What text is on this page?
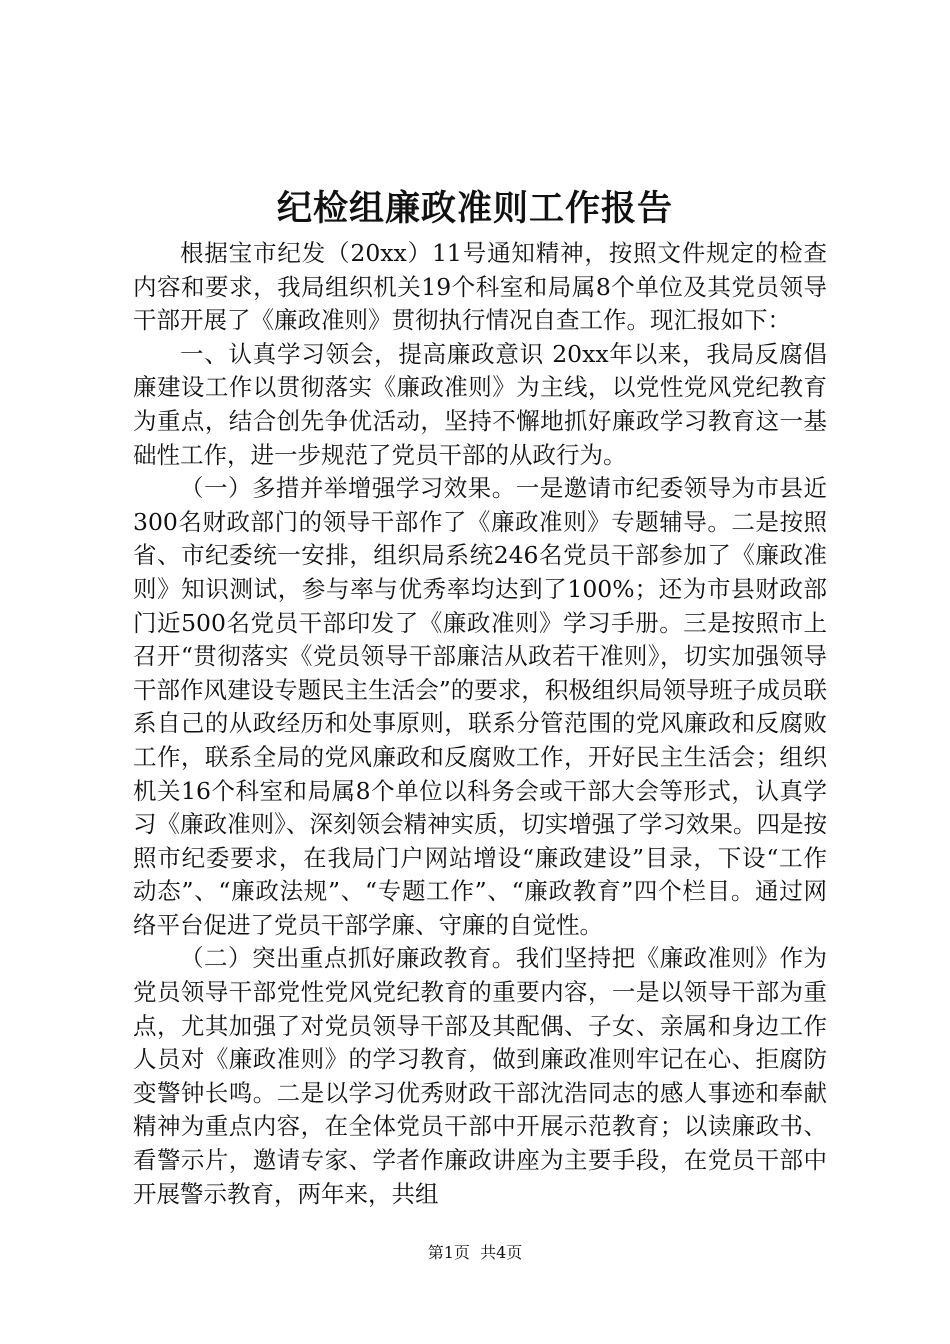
纪检组廉政准则工作报告

根据宝市纪发（20xx）11号通知精神，按照文件规定的检查内容和要求，我局组织机关19个科室和局属8个单位及其党员领导干部开展了《廉政准则》贯彻执行情况自查工作。现汇报如下：

一、认真学习领会，提高廉政意识 20xx年以来，我局反腐倡廉建设工作以贯彻落实《廉政准则》为主线，以党性党风党纪教育为重点，结合创先争优活动，坚持不懈地抓好廉政学习教育这一基础性工作，进一步规范了党员干部的从政行为。

（一）多措并举增强学习效果。一是邀请市纪委领导为市县近300名财政部门的领导干部作了《廉政准则》专题辅导。二是按照省、市纪委统一安排，组织局系统246名党员干部参加了《廉政准则》知识测试，参与率与优秀率均达到了100%；还为市县财政部门近500名党员干部印发了《廉政准则》学习手册。三是按照市上召开“贯彻落实《党员领导干部廉洁从政若干准则》，切实加强领导干部作风建设专题民主生活会”的要求，积极组织局领导班子成员联系自己的从政经历和处事原则，联系分管范围的党风廉政和反腐败工作，联系全局的党风廉政和反腐败工作，开好民主生活会；组织机关16个科室和局属8个单位以科务会或干部大会等形式，认真学习《廉政准则》、深刻领会精神实质，切实增强了学习效果。四是按照市纪委要求，在我局门户网站增设“廉政建设”目录，下设“工作动态”、“廉政法规”、“专题工作”、“廉政教育”四个栏目。通过网络平台促进了党员干部学廉、守廉的自觉性。

（二）突出重点抓好廉政教育。我们坚持把《廉政准则》作为党员领导干部党性党风党纪教育的重要内容，一是以领导干部为重点，尤其加强了对党员领导干部及其配偶、子女、亲属和身边工作人员对《廉政准则》的学习教育，做到廉政准则牢记在心、拒腐防变警钟长鸣。二是以学习优秀财政干部沈浩同志的感人事迹和奉献精神为重点内容，在全体党员干部中开展示范教育；以读廉政书、看警示片，邀请专家、学者作廉政讲座为主要手段，在党员干部中开展警示教育，两年来，共组

第1页 共4页
